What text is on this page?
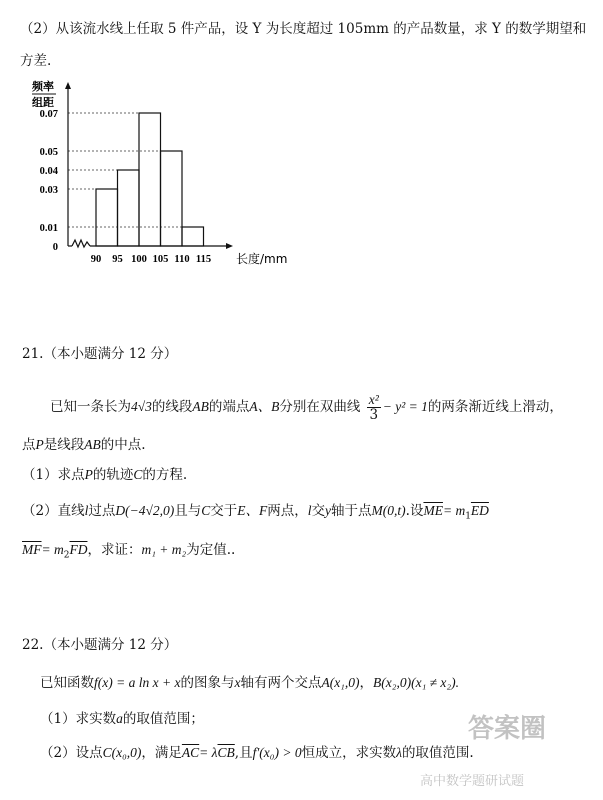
（2）从该流水线上任取 5 件产品，设 Y 为长度超过 105mm 的产品数量，求 Y 的数学期望和
方差.
0
0.01
0.03
0.04
0.05
0.07
90 95 100 105 110 115
频率
组距
长度/mm
21.（本小题满分 12 分）
已知一条长为4√3的线段AB的端点A、B分别在双曲线 $\frac{\text{x²}}{3} - y^2 = 1$的两条渐近线上滑动，
点P是线段AB的中点.
（1）求点P的轨迹C的方程.
（2）直线l过点D(−4√2,0)且与C交于E、F两点，l交y轴于点M(0,t).设$\overline{ME}= m_1\overline{ED}$
$\overline{MF}= m_2\overline{FD}$，求证：m₁ + m₂为定值..
22.（本小题满分 12 分）
已知函数f(x) = a ln x + x的图象与x轴有两个交点A(x₁,0)，B(x₂,0)(x₁ ≠ x₂).
（1）求实数a的取值范围；
（2）设点C(x₀,0)，满足$\overline{AC}= \lambda\overline{CB}$,且f′(x₀) > 0恒成立，求实数λ的取值范围.
答案圈
高中数学题研试题
